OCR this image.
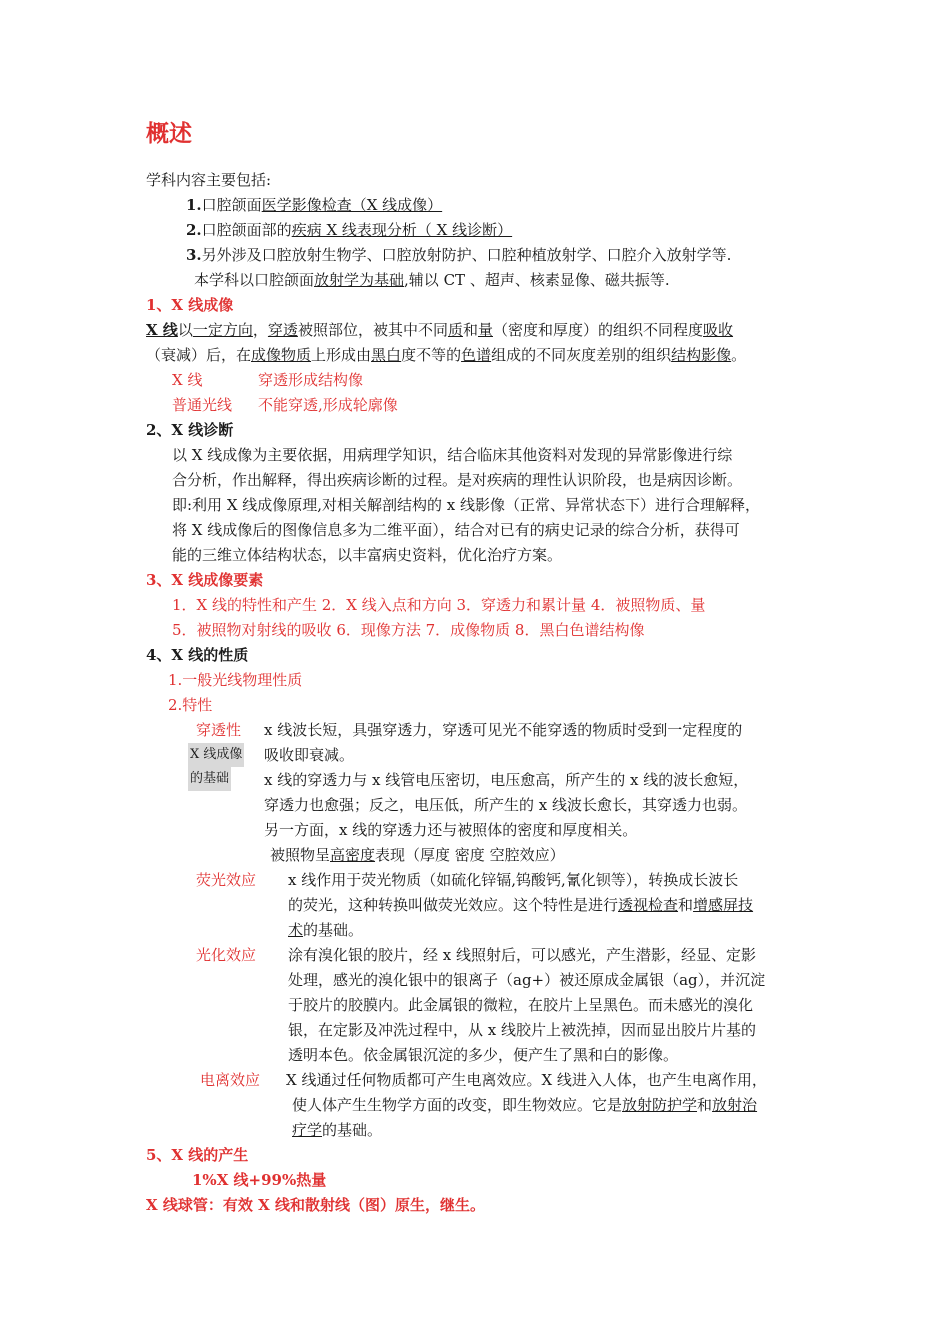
概述
学科内容主要包括:
1.口腔颌面医学影像检查（X 线成像）
2.口腔颌面部的疾病 X 线表现分析（ X 线诊断）
3.另外涉及口腔放射生物学、口腔放射防护、口腔种植放射学、口腔介入放射学等.
本学科以口腔颌面放射学为基础,辅以 CT 、超声、核素显像、磁共振等.
1、X 线成像
X 线以一定方向，穿透被照部位，被其中不同质和量（密度和厚度）的组织不同程度吸收
（衰减）后，在成像物质上形成由黑白度不等的色谱组成的不同灰度差别的组织结构影像。
X 线	穿透形成结构像
普通光线 不能穿透,形成轮廓像
2、X 线诊断
以 X 线成像为主要依据，用病理学知识，结合临床其他资料对发现的异常影像进行综
合分析，作出解释，得出疾病诊断的过程。是对疾病的理性认识阶段，也是病因诊断。
即:利用 X 线成像原理,对相关解剖结构的 x 线影像（正常、异常状态下）进行合理解释，
将 X 线成像后的图像信息多为二维平面），结合对已有的病史记录的综合分析，获得可
能的三维立体结构状态，以丰富病史资料，优化治疗方案。
3、X 线成像要素
1．X 线的特性和产生 2．X 线入点和方向 3．穿透力和累计量 4．被照物质、量
5．被照物对射线的吸收 6．现像方法 7．成像物质 8．黑白色谱结构像
4、X 线的性质
1.一般光线物理性质
2.特性
穿透性
X 线成像
的基础
x 线波长短，具强穿透力，穿透可见光不能穿透的物质时受到一定程度的
吸收即衰减。
x 线的穿透力与 x 线管电压密切，电压愈高，所产生的 x 线的波长愈短，
穿透力也愈强；反之，电压低，所产生的 x 线波长愈长，其穿透力也弱。
另一方面，x 线的穿透力还与被照体的密度和厚度相关。
被照物呈高密度表现（厚度 密度 空腔效应）
荧光效应 x 线作用于荧光物质（如硫化锌镉,钨酸钙,氰化钡等），转换成长波长
的荧光，这种转换叫做荧光效应。这个特性是进行透视检查和增感屏技
术的基础。
光化效应 涂有溴化银的胶片，经 x 线照射后，可以感光，产生潜影，经显、定影
处理，感光的溴化银中的银离子（ag+）被还原成金属银（ag），并沉淀
于胶片的胶膜内。此金属银的微粒，在胶片上呈黑色。而未感光的溴化
银，在定影及冲洗过程中，从 x 线胶片上被洗掉，因而显出胶片片基的
透明本色。依金属银沉淀的多少，便产生了黑和白的影像。
电离效应 X 线通过任何物质都可产生电离效应。X 线进入人体，也产生电离作用，
使人体产生生物学方面的改变，即生物效应。它是放射防护学和放射治
疗学的基础。
5、X 线的产生
1%X 线+99%热量
X 线球管：有效 X 线和散射线（图）原生，继生。
